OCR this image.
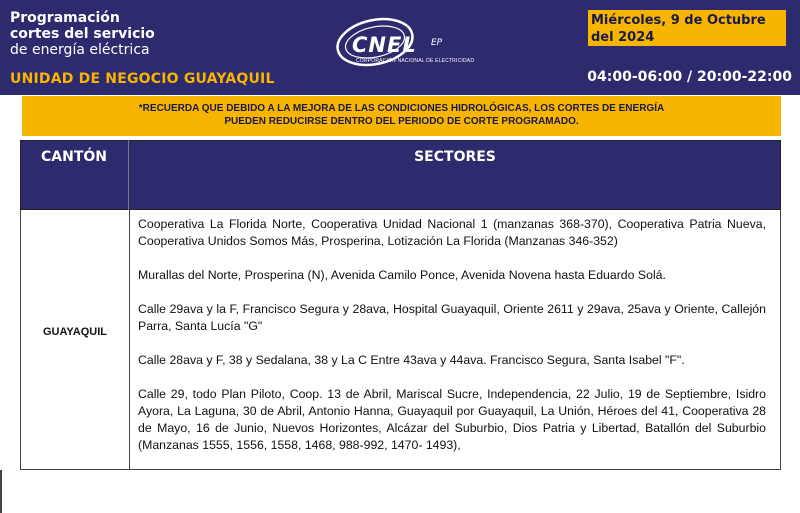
Programación
cortes del servicio
de energía eléctrica
UNIDAD DE NEGOCIO GUAYAQUIL
CNEL EP
CORPORACIÓN NACIONAL DE ELECTRICIDAD
Miércoles, 9 de Octubre del 2024
04:00-06:00 / 20:00-22:00
*RECUERDA QUE DEBIDO A LA MEJORA DE LAS CONDICIONES HIDROLÓGICAS, LOS CORTES DE ENERGÍA
PUEDEN REDUCIRSE DENTRO DEL PERIODO DE CORTE PROGRAMADO.
CANTÓN	SECTORES
GUAYAQUIL

Cooperativa La Florida Norte, Cooperativa Unidad Nacional 1 (manzanas 368-370), Cooperativa Patria Nueva, Cooperativa Unidos Somos Más, Prosperina, Lotización La Florida (Manzanas 346-352)

Murallas del Norte, Prosperina (N), Avenida Camilo Ponce, Avenida Novena hasta Eduardo Solá.

Calle 29ava y la F, Francisco Segura y 28ava, Hospital Guayaquil, Oriente 2611 y 29ava, 25ava y Oriente, Callejón Parra, Santa Lucía "G"

Calle 28ava y F, 38 y Sedalana, 38 y La C Entre 43ava y 44ava. Francisco Segura, Santa Isabel "F".

Calle 29, todo Plan Piloto, Coop. 13 de Abril, Mariscal Sucre, Independencia, 22 Julio, 19 de Septiembre, Isidro Ayora, La Laguna, 30 de Abril, Antonio Hanna, Guayaquil por Guayaquil, La Unión, Héroes del 41, Cooperativa 28 de Mayo, 16 de Junio, Nuevos Horizontes, Alcázar del Suburbio, Dios Patria y Libertad, Batallón del Suburbio (Manzanas 1555, 1556, 1558, 1468, 988-992, 1470- 1493),
